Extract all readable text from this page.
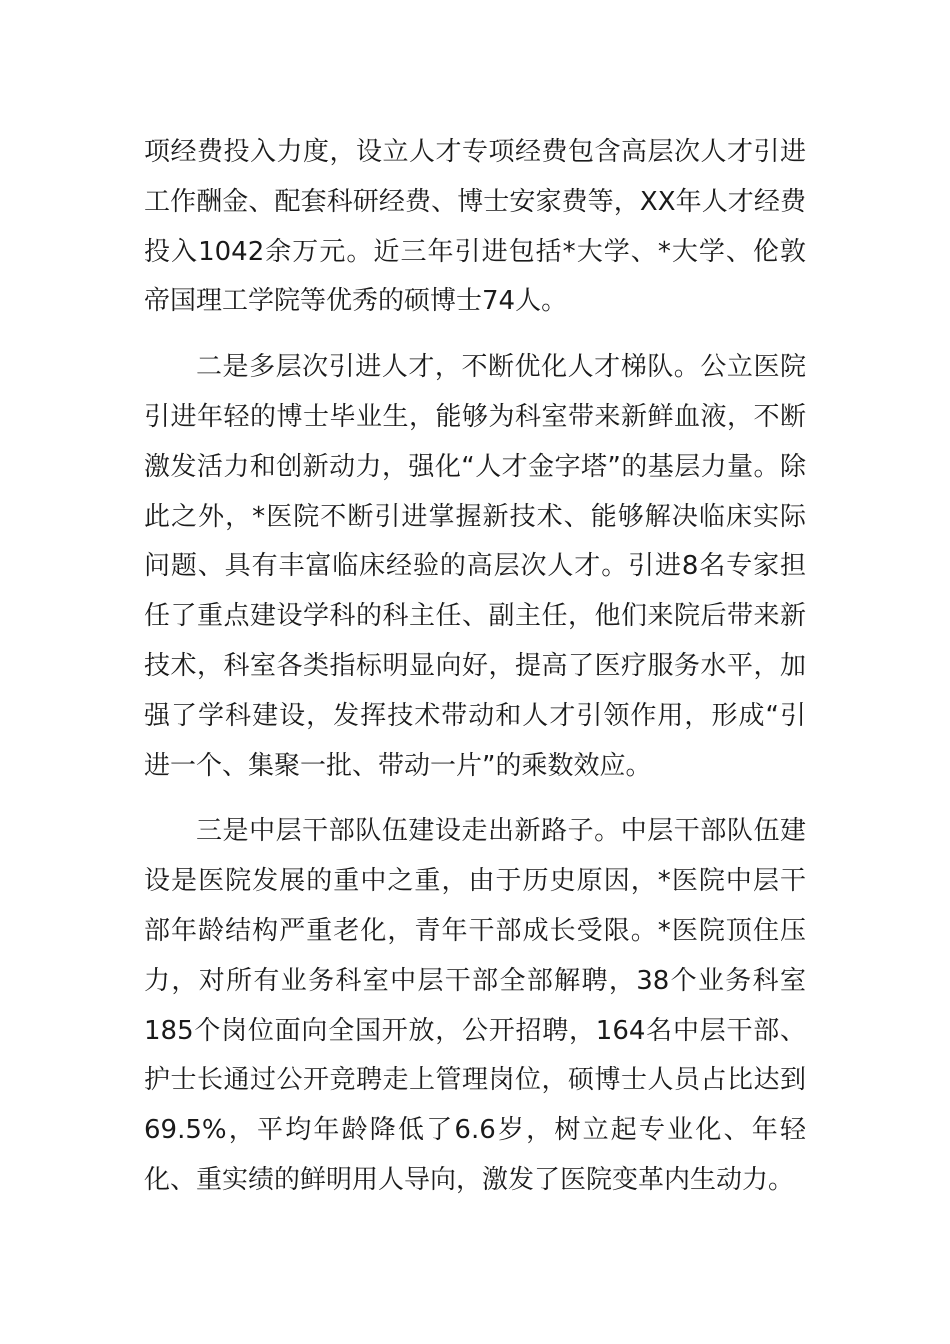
项经费投入力度，设立人才专项经费包含高层次人才引进工作酬金、配套科研经费、博士安家费等，XX年人才经费投入1042余万元。近三年引进包括*大学、*大学、伦敦帝国理工学院等优秀的硕博士74人。

二是多层次引进人才，不断优化人才梯队。公立医院引进年轻的博士毕业生，能够为科室带来新鲜血液，不断激发活力和创新动力，强化“人才金字塔”的基层力量。除此之外，*医院不断引进掌握新技术、能够解决临床实际问题、具有丰富临床经验的高层次人才。引进8名专家担任了重点建设学科的科主任、副主任，他们来院后带来新技术，科室各类指标明显向好，提高了医疗服务水平，加强了学科建设，发挥技术带动和人才引领作用，形成“引进一个、集聚一批、带动一片”的乘数效应。

三是中层干部队伍建设走出新路子。中层干部队伍建设是医院发展的重中之重，由于历史原因，*医院中层干部年龄结构严重老化，青年干部成长受限。*医院顶住压力，对所有业务科室中层干部全部解聘，38个业务科室185个岗位面向全国开放，公开招聘，164名中层干部、护士长通过公开竞聘走上管理岗位，硕博士人员占比达到69.5%，平均年龄降低了6.6岁，树立起专业化、年轻化、重实绩的鲜明用人导向，激发了医院变革内生动力。
